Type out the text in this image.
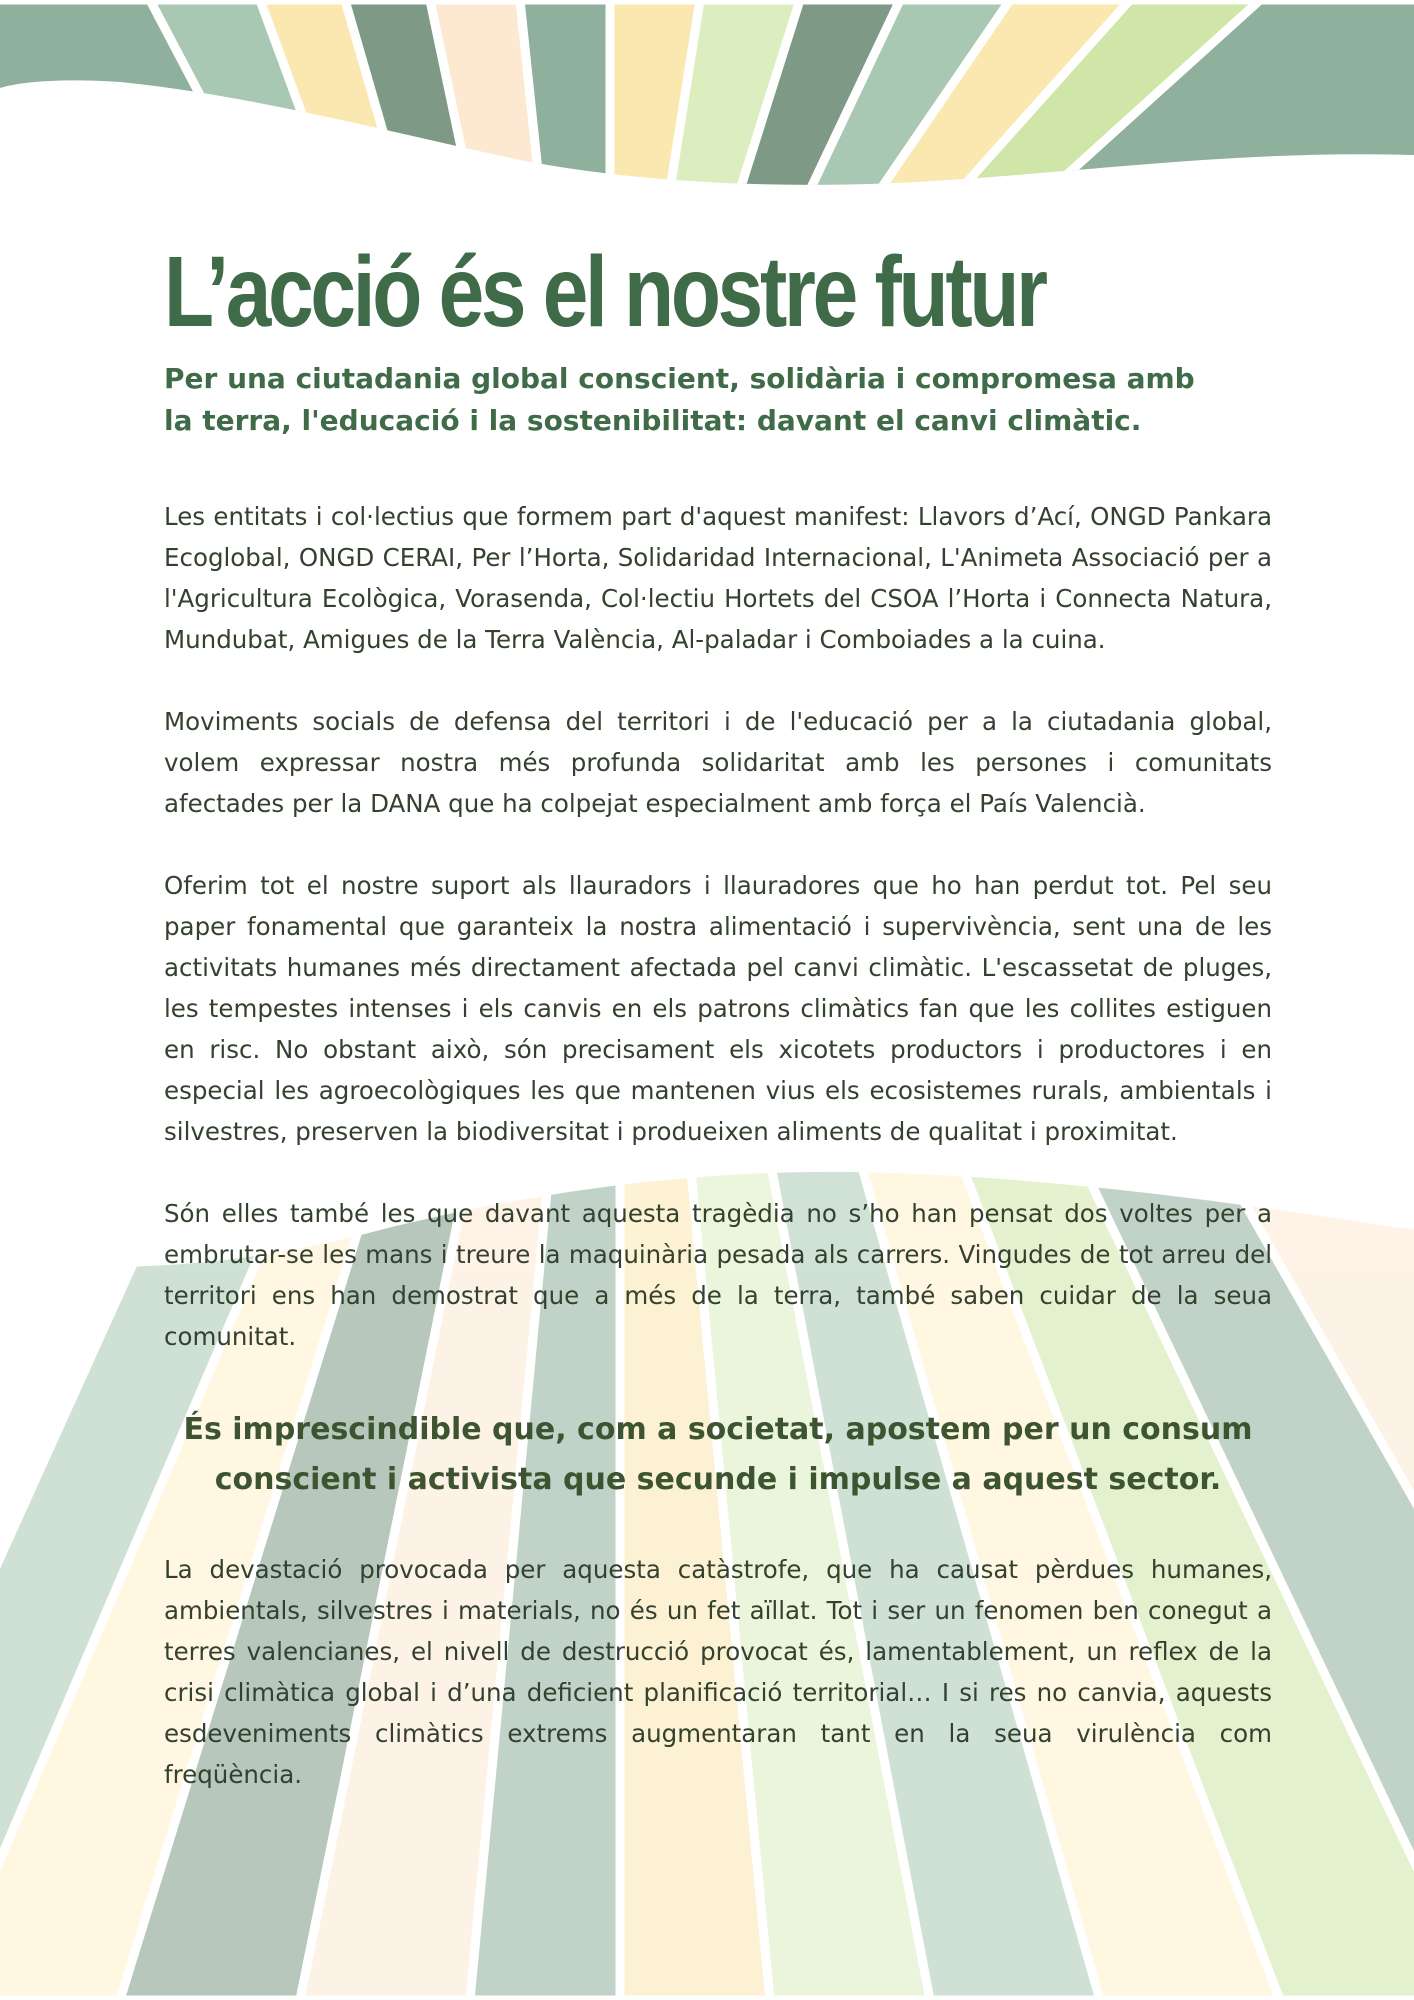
L’acció és el nostre futur

Per una ciutadania global conscient, solidària i compromesa amb la terra, l'educació i la sostenibilitat: davant el canvi climàtic.

Les entitats i col·lectius que formem part d'aquest manifest: Llavors d’Ací, ONGD Pankara Ecoglobal, ONGD CERAI, Per l’Horta, Solidaridad Internacional, L'Animeta Associació per a l'Agricultura Ecològica, Vorasenda, Col·lectiu Hortets del CSOA l’Horta i Connecta Natura, Mundubat, Amigues de la Terra València, Al-paladar i Comboiades a la cuina.

Moviments socials de defensa del territori i de l'educació per a la ciutadania global, volem expressar nostra més profunda solidaritat amb les persones i comunitats afectades per la DANA que ha colpejat especialment amb força el País Valencià.

Oferim tot el nostre suport als llauradors i llauradores que ho han perdut tot. Pel seu paper fonamental que garanteix la nostra alimentació i supervivència, sent una de les activitats humanes més directament afectada pel canvi climàtic. L'escassetat de pluges, les tempestes intenses i els canvis en els patrons climàtics fan que les collites estiguen en risc. No obstant això, són precisament els xicotets productors i productores i en especial les agroecològiques les que mantenen vius els ecosistemes rurals, ambientals i silvestres, preserven la biodiversitat i produeixen aliments de qualitat i proximitat.

Són elles també les que davant aquesta tragèdia no s’ho han pensat dos voltes per a embrutar-se les mans i treure la maquinària pesada als carrers. Vingudes de tot arreu del territori ens han demostrat que a més de la terra, també saben cuidar de la seua comunitat.

És imprescindible que, com a societat, apostem per un consum conscient i activista que secunde i impulse a aquest sector.

La devastació provocada per aquesta catàstrofe, que ha causat pèrdues humanes, ambientals, silvestres i materials, no és un fet aïllat. Tot i ser un fenomen ben conegut a terres valencianes, el nivell de destrucció provocat és, lamentablement, un reflex de la crisi climàtica global i d’una deficient planificació territorial… I si res no canvia, aquests esdeveniments climàtics extrems augmentaran tant en la seua virulència com freqüència.
